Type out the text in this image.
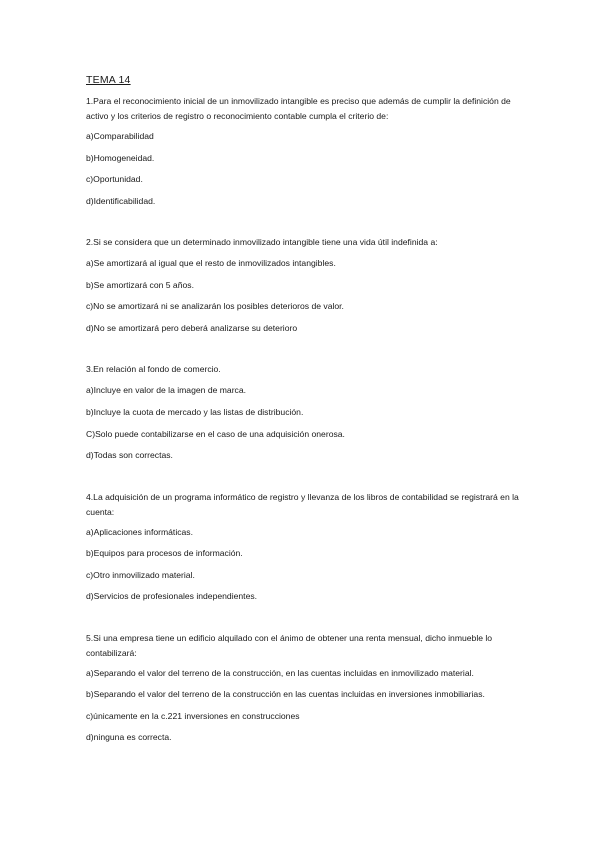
TEMA 14
1.Para el reconocimiento inicial de un inmovilizado intangible es preciso que además de cumplir la definición de activo y los criterios de registro o reconocimiento contable cumpla el criterio de:
a)Comparabilidad
b)Homogeneidad.
c)Oportunidad.
d)Identificabilidad.
2.Si se considera que un determinado inmovilizado intangible tiene una vida útil indefinida a:
a)Se amortizará al igual que el resto de inmovilizados intangibles.
b)Se amortizará con 5 años.
c)No se amortizará ni se analizarán los posibles deterioros de valor.
d)No se amortizará pero deberá analizarse su deterioro
3.En relación al fondo de comercio.
a)Incluye en valor de la imagen de marca.
b)Incluye la cuota de mercado y las listas de distribución.
C)Solo puede contabilizarse en el caso de una adquisición onerosa.
d)Todas son correctas.
4.La adquisición de un programa informático de registro y llevanza de los libros de contabilidad se registrará en la cuenta:
a)Aplicaciones informáticas.
b)Equipos para procesos de información.
c)Otro inmovilizado material.
d)Servicios de profesionales independientes.
5.Si una empresa tiene un edificio alquilado con el ánimo de obtener una renta mensual, dicho inmueble lo contabilizará:
a)Separando el valor del terreno de la construcción, en las cuentas incluidas en inmovilizado material.
b)Separando el valor del terreno de la construcción en las cuentas incluidas en inversiones inmobiliarias.
c)únicamente en la c.221 inversiones en construcciones
d)ninguna es correcta.
